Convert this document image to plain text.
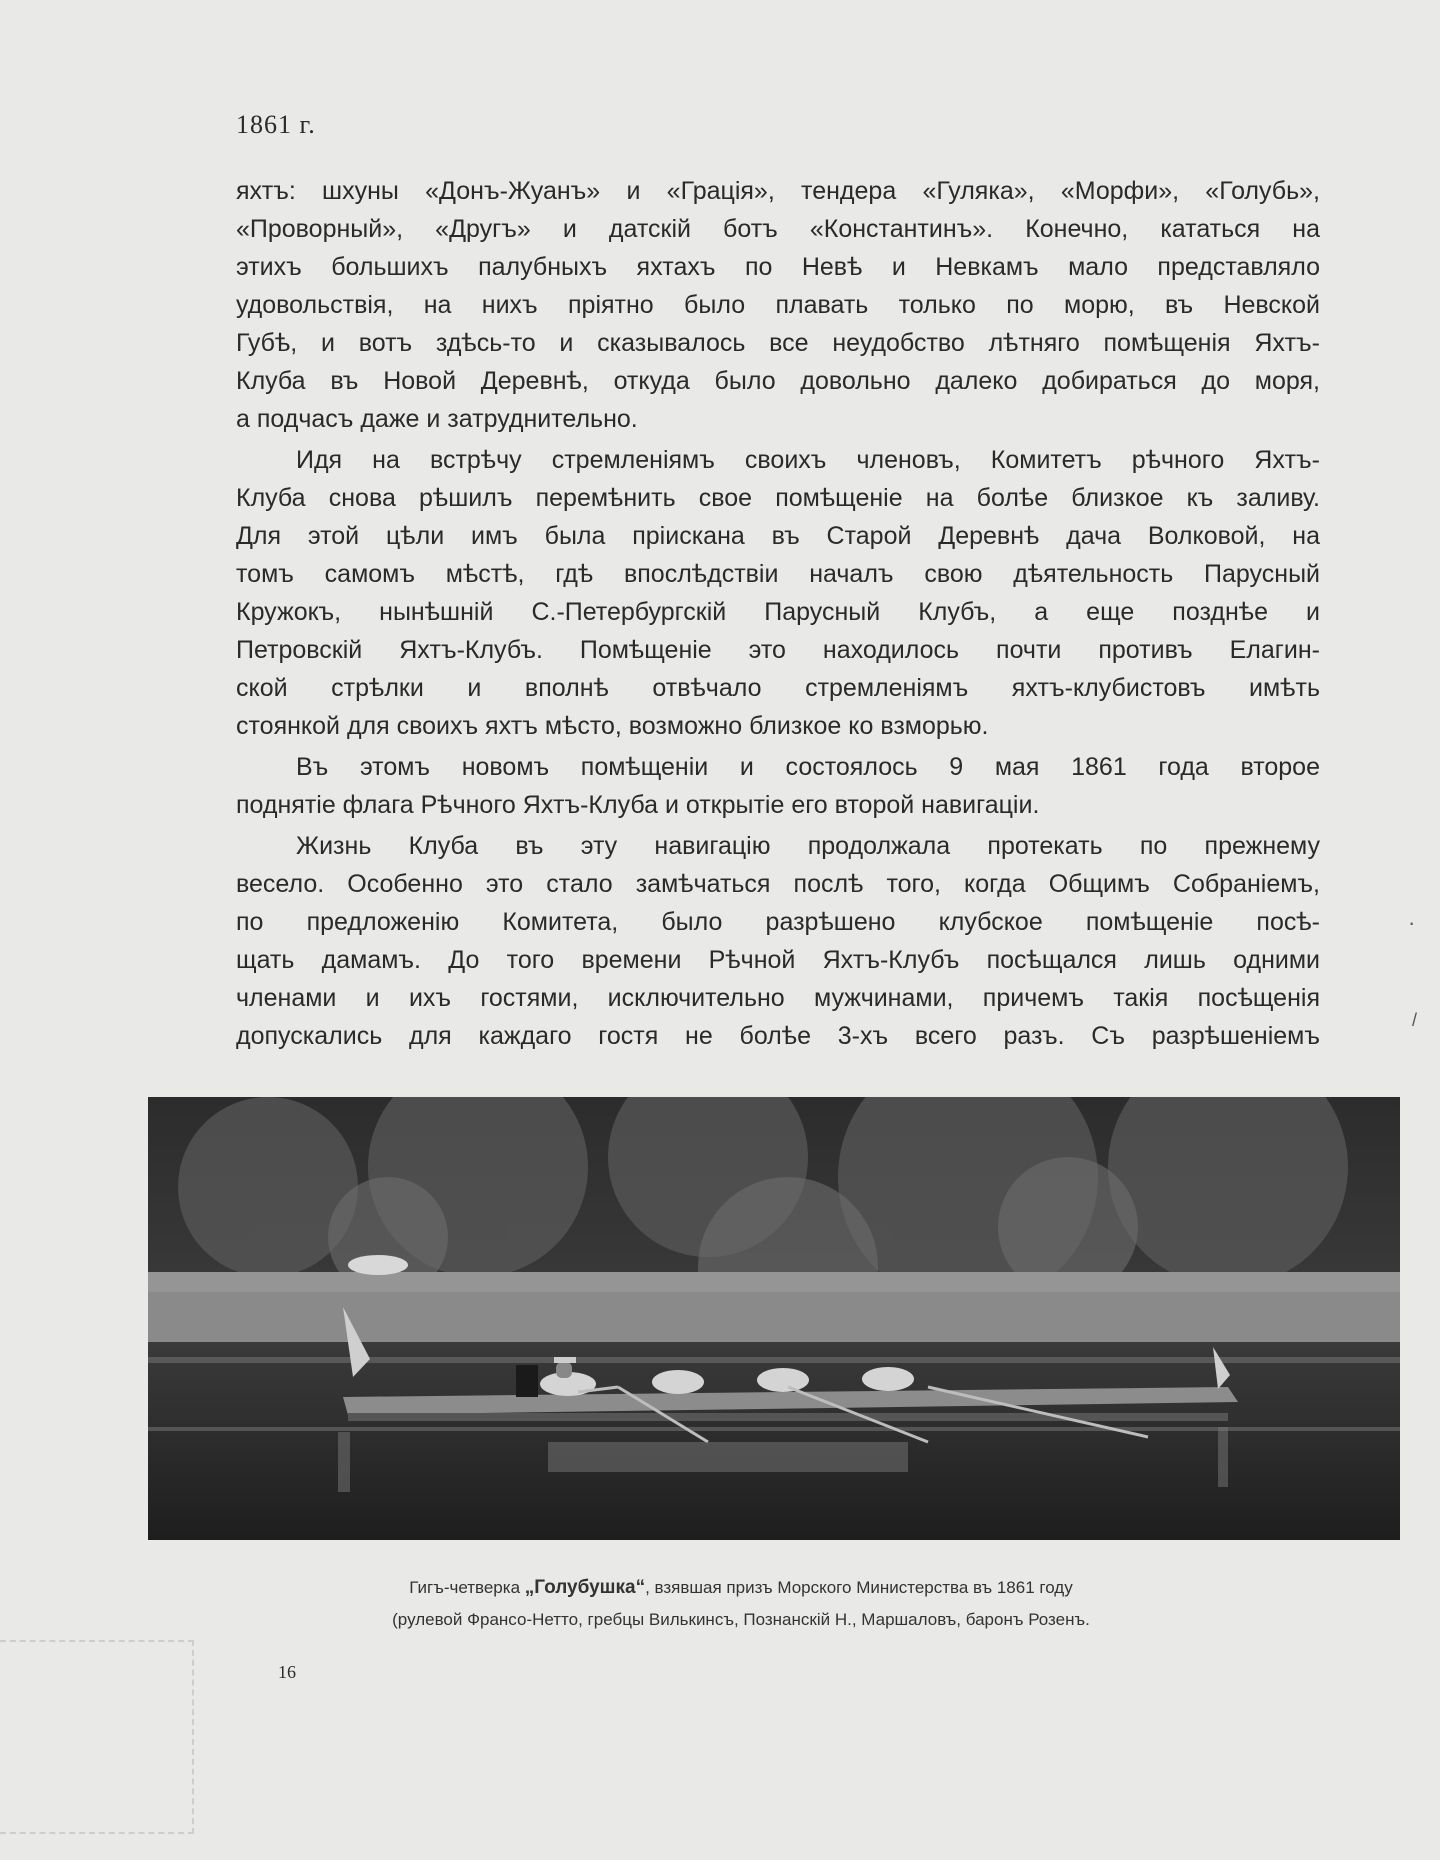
1861 г.
яхтъ: шхуны «Донъ-Жуанъ» и «Грацiя», тендера «Гуляка», «Морфи», «Голубь»,
«Проворный», «Другъ» и датскiй ботъ «Константинъ». Конечно, кататься на
этихъ большихъ палубныхъ яхтахъ по Невѣ и Невкамъ мало представляло
удовольствiя, на нихъ прiятно было плавать только по морю, въ Невской
Губѣ, и вотъ здѣсь-то и сказывалось все неудобство лѣтняго помѣщенiя Яхтъ-
Клуба въ Новой Деревнѣ, откуда было довольно далеко добираться до моря,
а подчасъ даже и затруднительно.
Идя на встрѣчу стремленiямъ своихъ членовъ, Комитетъ рѣчного Яхтъ-
Клуба снова рѣшилъ перемѣнить свое помѣщенiе на болѣе близкое къ заливу.
Для этой цѣли имъ была прiискана въ Старой Деревнѣ дача Волковой, на
томъ самомъ мѣстѣ, гдѣ впослѣдствiи началъ свою дѣятельность Парусный
Кружокъ, нынѣшнiй С.-Петербургскiй Парусный Клубъ, а еще позднѣе и
Петровскiй Яхтъ-Клубъ. Помѣщенiе это находилось почти противъ Елагин-
ской стрѣлки и вполнѣ отвѣчало стремленiямъ яхтъ-клубистовъ имѣть
стоянкой для своихъ яхтъ мѣсто, возможно близкое ко взморью.
Въ этомъ новомъ помѣщенiи и состоялось 9 мая 1861 года второе
поднятiе флага Рѣчного Яхтъ-Клуба и открытiе его второй навигацiи.
Жизнь Клуба въ эту навигацiю продолжала протекать по прежнему
весело. Особенно это стало замѣчаться послѣ того, когда Общимъ Собранiемъ,
по предложенiю Комитета, было разрѣшено клубское помѣщенiе посѣ-
щать дамамъ. До того времени Рѣчной Яхтъ-Клубъ посѣщался лишь одними
членами и ихъ гостями, исключительно мужчинами, причемъ такiя посѣщенiя
допускались для каждаго гостя не болѣе 3-хъ всего разъ. Съ разрѣшенiемъ
Гигъ-четверка „Голубушка“, взявшая призъ Морского Министерства въ 1861 году
(рулевой Франсо-Нетто, гребцы Вилькинсъ, Познанскiй Н., Маршаловъ, баронъ Розенъ.
16
·
/
